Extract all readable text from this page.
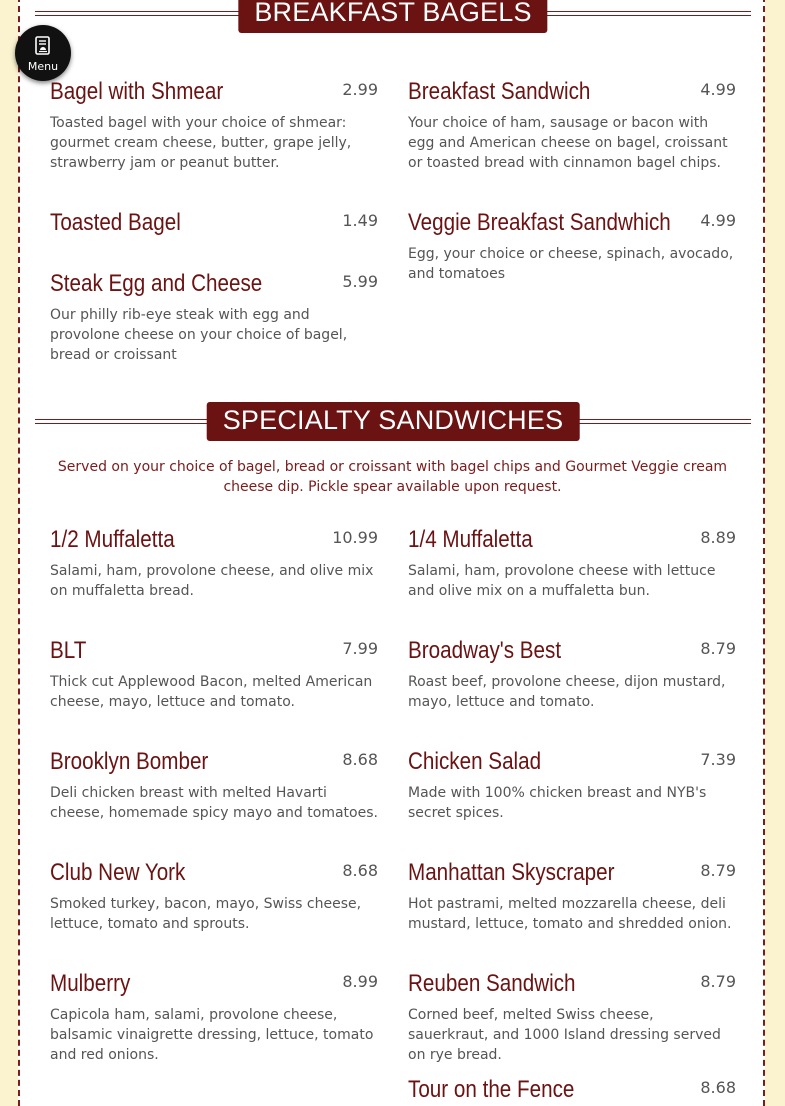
BREAKFAST BAGELS
Bagel with Shmear	2.99
Toasted bagel with your choice of shmear: gourmet cream cheese, butter, grape jelly, strawberry jam or peanut butter.
Breakfast Sandwich	4.99
Your choice of ham, sausage or bacon with egg and American cheese on bagel, croissant or toasted bread with cinnamon bagel chips.
Toasted Bagel	1.49 Veggie Breakfast Sandwhich	4.99
Egg, your choice or cheese, spinach, avocado, and tomatoes
Steak Egg and Cheese	5.99
Our philly rib-eye steak with egg and provolone cheese on your choice of bagel, bread or croissant
SPECIALTY SANDWICHES
Served on your choice of bagel, bread or croissant with bagel chips and Gourmet Veggie cream cheese dip. Pickle spear available upon request.
1/2 Muffaletta	10.99
Salami, ham, provolone cheese, and olive mix on muffaletta bread.
1/4 Muffaletta	8.89
Salami, ham, provolone cheese with lettuce and olive mix on a muffaletta bun.
BLT	7.99
Thick cut Applewood Bacon, melted American cheese, mayo, lettuce and tomato.
Broadway's Best	8.79
Roast beef, provolone cheese, dijon mustard, mayo, lettuce and tomato.
Brooklyn Bomber	8.68
Deli chicken breast with melted Havarti cheese, homemade spicy mayo and tomatoes.
Chicken Salad	7.39
Made with 100% chicken breast and NYB's secret spices.
Club New York	8.68
Smoked turkey, bacon, mayo, Swiss cheese, lettuce, tomato and sprouts.
Manhattan Skyscraper	8.79
Hot pastrami, melted mozzarella cheese, deli mustard, lettuce, tomato and shredded onion.
Mulberry	8.99
Capicola ham, salami, provolone cheese, balsamic vinaigrette dressing, lettuce, tomato and red onions.
Reuben Sandwich	8.79
Corned beef, melted Swiss cheese, sauerkraut, and 1000 Island dressing served on rye bread.
Tour on the Fence	8.68
Menu
